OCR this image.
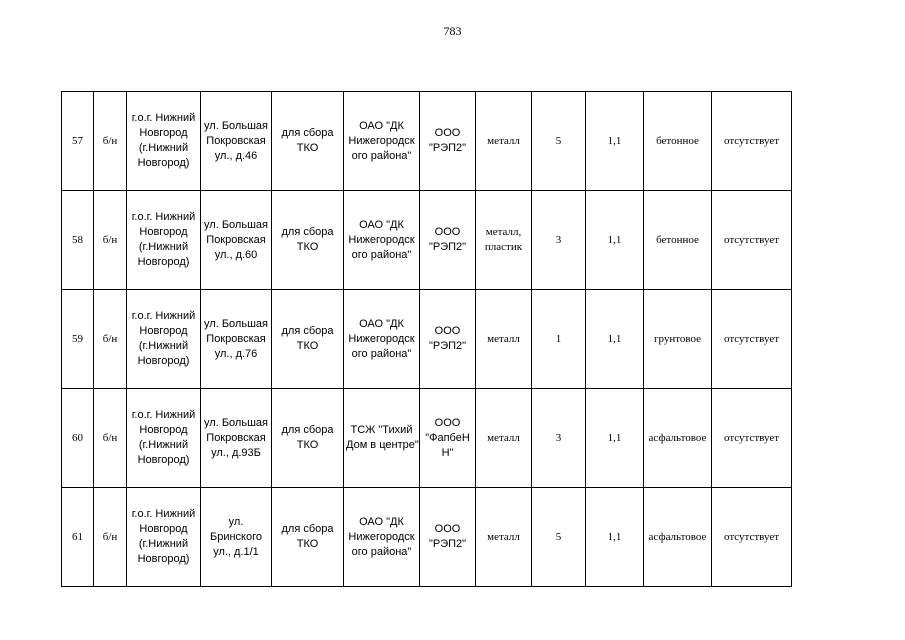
783
57	б/н	г.о.г. Нижний
Новгород
(г.Нижний
Новгород)	ул. Большая
Покровская
ул., д.46	для сбора
ТКО	ОАО "ДК
Нижегородск
ого района"	ООО
"РЭП2"	металл	5	1,1	бетонное	отсутствует
58	б/н	г.о.г. Нижний
Новгород
(г.Нижний
Новгород)	ул. Большая
Покровская
ул., д.60	для сбора
ТКО	ОАО "ДК
Нижегородск
ого района"	ООО
"РЭП2"	металл,
пластик	3	1,1	бетонное	отсутствует
59	б/н	г.о.г. Нижний
Новгород
(г.Нижний
Новгород)	ул. Большая
Покровская
ул., д.76	для сбора
ТКО	ОАО "ДК
Нижегородск
ого района"	ООО
"РЭП2"	металл	1	1,1	грунтовое	отсутствует
60	б/н	г.о.г. Нижний
Новгород
(г.Нижний
Новгород)	ул. Большая
Покровская
ул., д.93Б	для сбора
ТКО	ТСЖ "Тихий
Дом в центре"	ООО
"ФапбеН
Н"	металл	3	1,1	асфальтовое	отсутствует
61	б/н	г.о.г. Нижний
Новгород
(г.Нижний
Новгород)	ул.
Бринского
ул., д.1/1	для сбора
ТКО	ОАО "ДК
Нижегородск
ого района"	ООО
"РЭП2"	металл	5	1,1	асфальтовое	отсутствует
